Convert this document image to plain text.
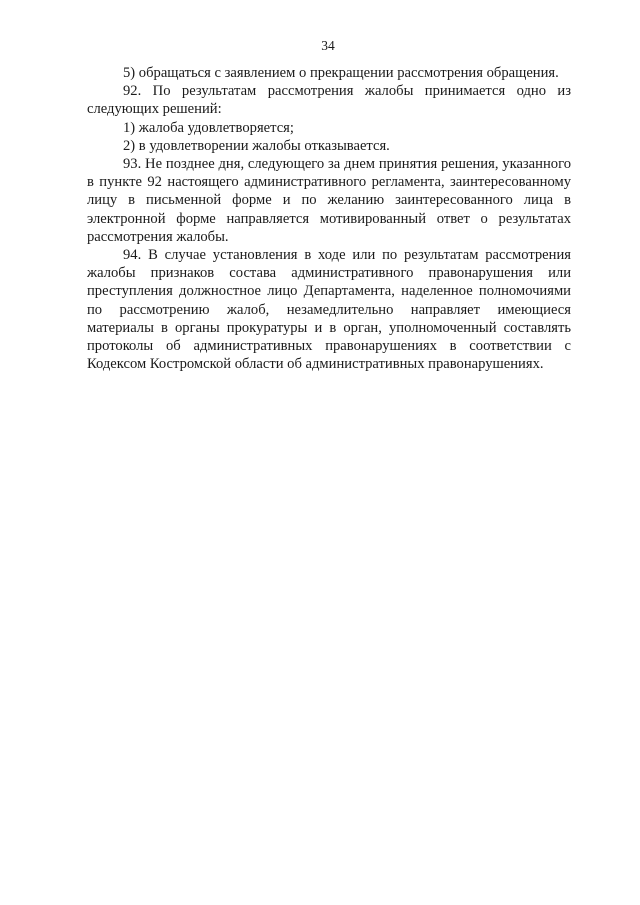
34

5) обращаться с заявлением о прекращении рассмотрения обращения.

92. По результатам рассмотрения жалобы принимается одно из следующих решений:

1) жалоба удовлетворяется;

2) в удовлетворении жалобы отказывается.

93. Не позднее дня, следующего за днем принятия решения, указанного в пункте 92 настоящего административного регламента, заинтересованному лицу в письменной форме и по желанию заинтересованного лица в электронной форме направляется мотивированный ответ о результатах рассмотрения жалобы.

94. В случае установления в ходе или по результатам рассмотрения жалобы признаков состава административного правонарушения или преступления должностное лицо Департамента, наделенное полномочиями по рассмотрению жалоб, незамедлительно направляет имеющиеся материалы в органы прокуратуры и в орган, уполномоченный составлять протоколы об административных правонарушениях в соответствии с Кодексом Костромской области об административных правонарушениях.
